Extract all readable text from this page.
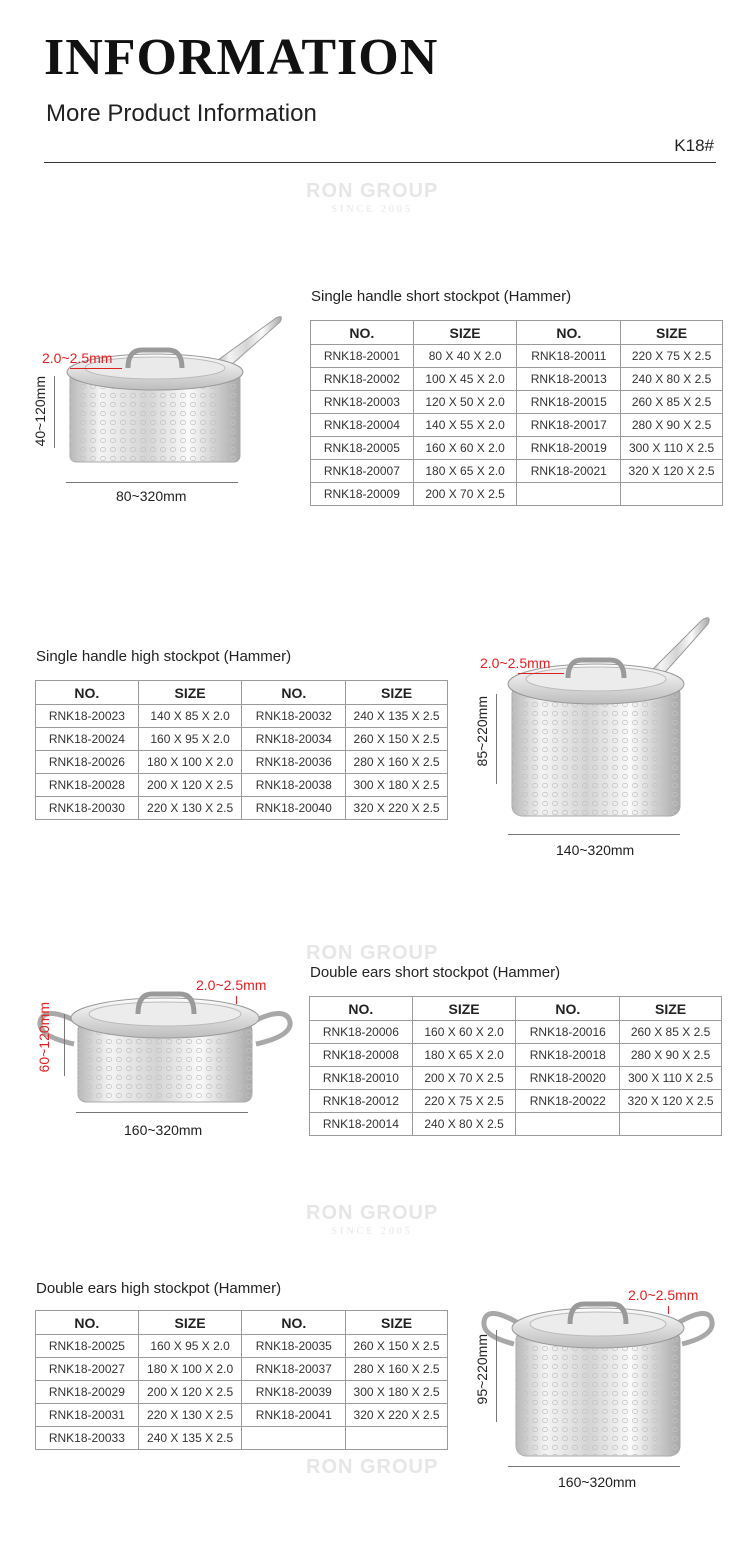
INFORMATION
More Product Information
K18#
RON GROUP
SINCE 2005
RON GROUP
RON GROUP
SINCE 2005
RON GROUP
Single handle short stockpot (Hammer)
2.0~2.5mm
40~120mm
80~320mm
NO.	SIZE	NO.	SIZE
RNK18-20001	80 X 40 X 2.0	RNK18-20011	220 X 75 X 2.5
RNK18-20002	100 X 45 X 2.0	RNK18-20013	240 X 80 X 2.5
RNK18-20003	120 X 50 X 2.0	RNK18-20015	260 X 85 X 2.5
RNK18-20004	140 X 55 X 2.0	RNK18-20017	280 X 90 X 2.5
RNK18-20005	160 X 60 X 2.0	RNK18-20019	300 X 110 X 2.5
RNK18-20007	180 X 65 X 2.0	RNK18-20021	320 X 120 X 2.5
RNK18-20009	200 X 70 X 2.5		
Single handle high stockpot (Hammer)
NO.	SIZE	NO.	SIZE
RNK18-20023	140 X 85 X 2.0	RNK18-20032	240 X 135 X 2.5
RNK18-20024	160 X 95 X 2.0	RNK18-20034	260 X 150 X 2.5
RNK18-20026	180 X 100 X 2.0	RNK18-20036	280 X 160 X 2.5
RNK18-20028	200 X 120 X 2.5	RNK18-20038	300 X 180 X 2.5
RNK18-20030	220 X 130 X 2.5	RNK18-20040	320 X 220 X 2.5
2.0~2.5mm
85~220mm
140~320mm
Double ears short stockpot (Hammer)
2.0~2.5mm
60~120mm
160~320mm
NO.	SIZE	NO.	SIZE
RNK18-20006	160 X 60 X 2.0	RNK18-20016	260 X 85 X 2.5
RNK18-20008	180 X 65 X 2.0	RNK18-20018	280 X 90 X 2.5
RNK18-20010	200 X 70 X 2.5	RNK18-20020	300 X 110 X 2.5
RNK18-20012	220 X 75 X 2.5	RNK18-20022	320 X 120 X 2.5
RNK18-20014	240 X 80 X 2.5		
Double ears high stockpot (Hammer)
NO.	SIZE	NO.	SIZE
RNK18-20025	160 X 95 X 2.0	RNK18-20035	260 X 150 X 2.5
RNK18-20027	180 X 100 X 2.0	RNK18-20037	280 X 160 X 2.5
RNK18-20029	200 X 120 X 2.5	RNK18-20039	300 X 180 X 2.5
RNK18-20031	220 X 130 X 2.5	RNK18-20041	320 X 220 X 2.5
RNK18-20033	240 X 135 X 2.5		
2.0~2.5mm
95~220mm
160~320mm
